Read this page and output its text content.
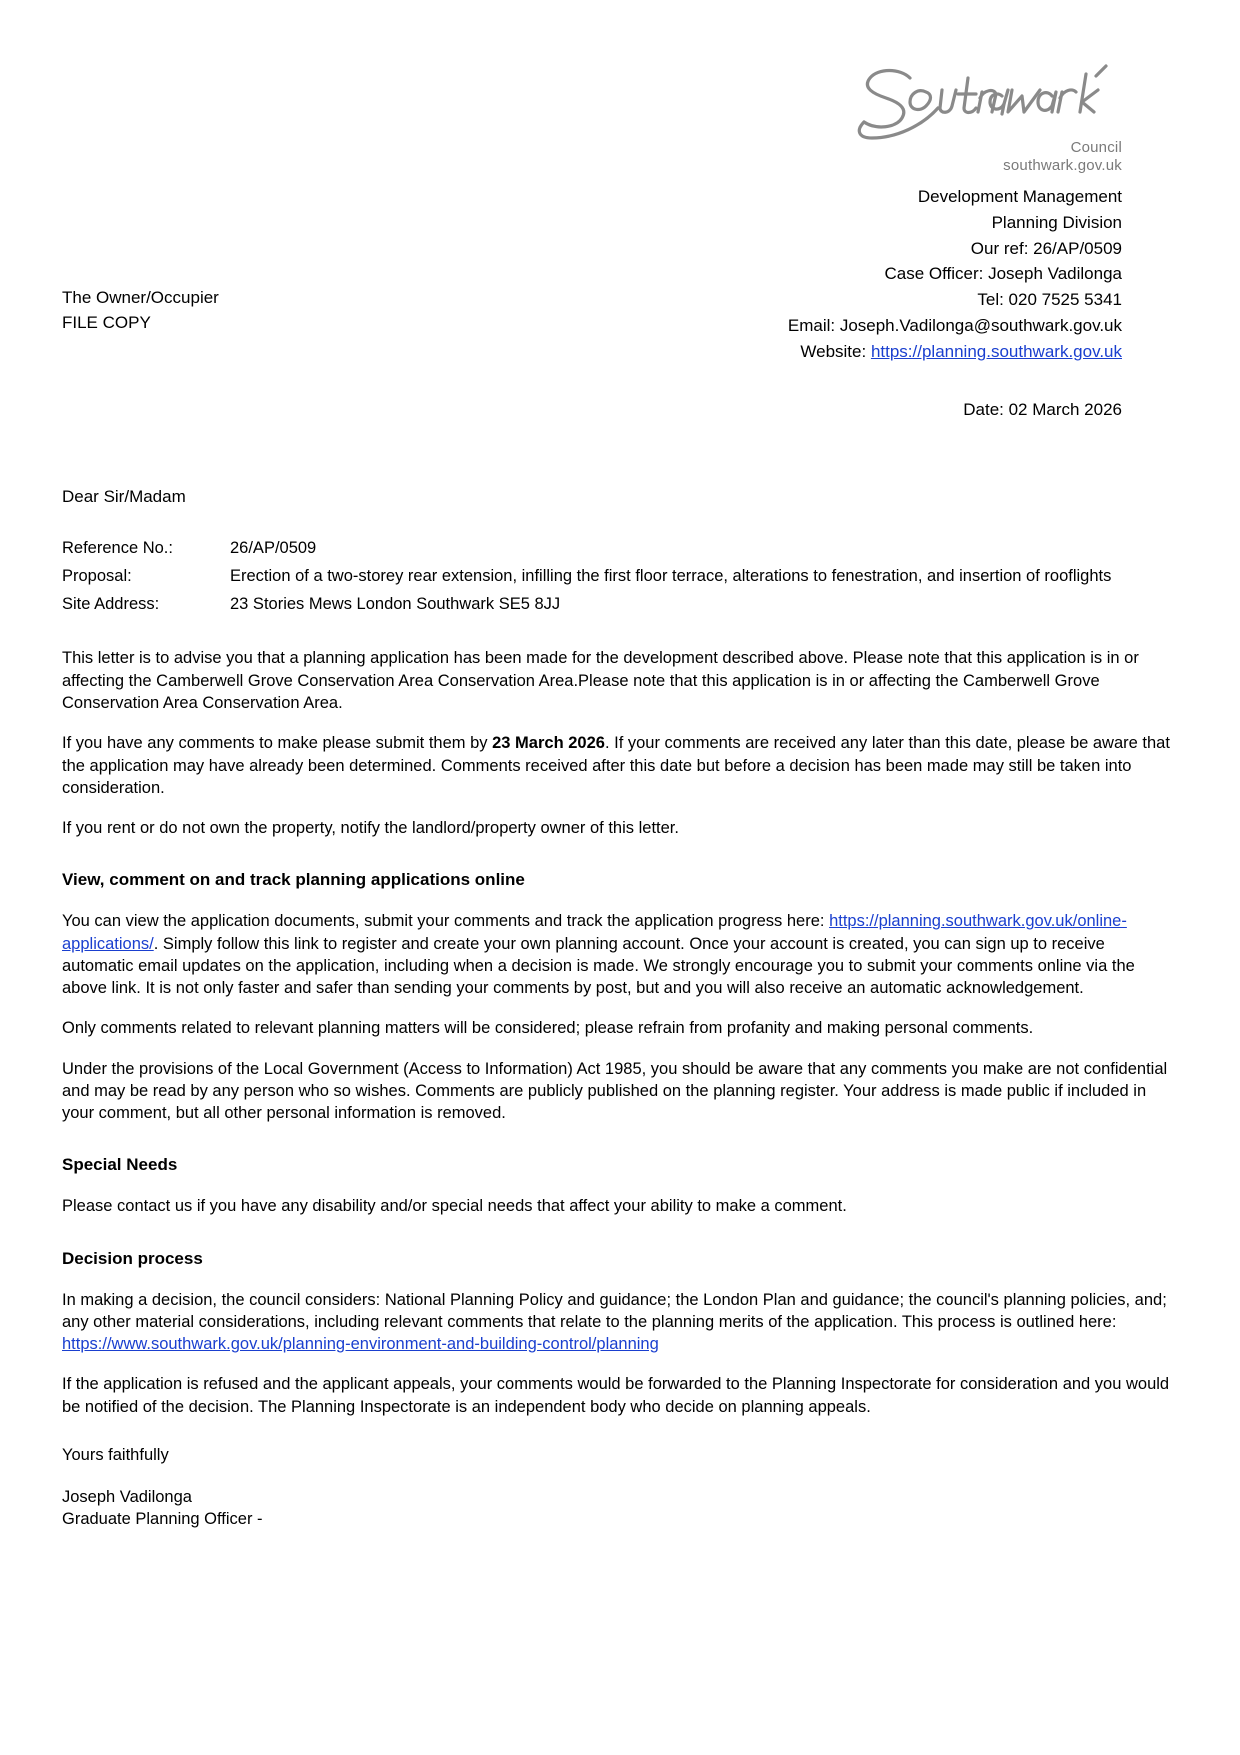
Council
southwark.gov.uk
The Owner/Occupier
FILE COPY
Development Management
Planning Division
Our ref: 26/AP/0509
Case Officer: Joseph Vadilonga
Tel: 020 7525 5341
Email: Joseph.Vadilonga@southwark.gov.uk
Website: https://planning.southwark.gov.uk
Date: 02 March 2026
Dear Sir/Madam
Reference No.:	26/AP/0509
Proposal:	Erection of a two-storey rear extension, infilling the first floor terrace, alterations to fenestration, and insertion of rooflights
Site Address:	23 Stories Mews London Southwark SE5 8JJ

This letter is to advise you that a planning application has been made for the development described above. Please note that this application is in or affecting the Camberwell Grove Conservation Area Conservation Area.Please note that this application is in or affecting the Camberwell Grove Conservation Area Conservation Area.

If you have any comments to make please submit them by 23 March 2026. If your comments are received any later than this date, please be aware that the application may have already been determined. Comments received after this date but before a decision has been made may still be taken into consideration.

If you rent or do not own the property, notify the landlord/property owner of this letter.

View, comment on and track planning applications online

You can view the application documents, submit your comments and track the application progress here: https://planning.southwark.gov.uk/online-applications/. Simply follow this link to register and create your own planning account. Once your account is created, you can sign up to receive automatic email updates on the application, including when a decision is made. We strongly encourage you to submit your comments online via the above link. It is not only faster and safer than sending your comments by post, but and you will also receive an automatic acknowledgement.

Only comments related to relevant planning matters will be considered; please refrain from profanity and making personal comments.

Under the provisions of the Local Government (Access to Information) Act 1985, you should be aware that any comments you make are not confidential and may be read by any person who so wishes. Comments are publicly published on the planning register. Your address is made public if included in your comment, but all other personal information is removed.

Special Needs

Please contact us if you have any disability and/or special needs that affect your ability to make a comment.

Decision process

In making a decision, the council considers: National Planning Policy and guidance; the London Plan and guidance; the council's planning policies, and; any other material considerations, including relevant comments that relate to the planning merits of the application. This process is outlined here: https://www.southwark.gov.uk/planning-environment-and-building-control/planning

If the application is refused and the applicant appeals, your comments would be forwarded to the Planning Inspectorate for consideration and you would be notified of the decision. The Planning Inspectorate is an independent body who decide on planning appeals.

Yours faithfully

Joseph Vadilonga

Graduate Planning Officer -
